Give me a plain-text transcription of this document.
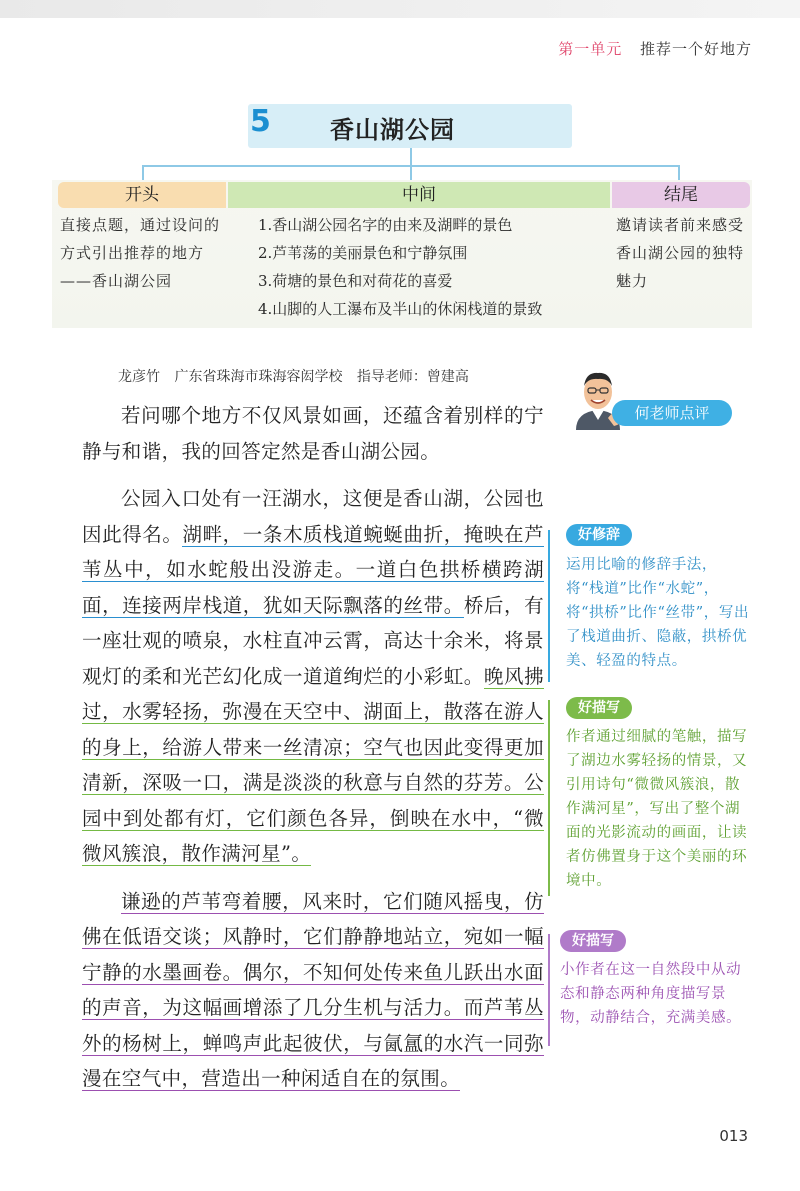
第一单元 推荐一个好地方
5 香山湖公园
开头	中间	结尾
直接点题，通过设问的方式引出推荐的地方——香山湖公园
1.香山湖公园名字的由来及湖畔的景色
2.芦苇荡的美丽景色和宁静氛围
3.荷塘的景色和对荷花的喜爱
4.山脚的人工瀑布及半山的休闲栈道的景致
邀请读者前来感受香山湖公园的独特魅力
龙彦竹 广东省珠海市珠海容闳学校 指导老师：曾建高
何老师点评

若问哪个地方不仅风景如画，还蕴含着别样的宁静与和谐，我的回答定然是香山湖公园。

公园入口处有一汪湖水，这便是香山湖，公园也因此得名。湖畔，一条木质栈道蜿蜒曲折，掩映在芦苇丛中，如水蛇般出没游走。一道白色拱桥横跨湖面，连接两岸栈道，犹如天际飘落的丝带。桥后，有一座壮观的喷泉，水柱直冲云霄，高达十余米，将景观灯的柔和光芒幻化成一道道绚烂的小彩虹。晚风拂过，水雾轻扬，弥漫在天空中、湖面上，散落在游人的身上，给游人带来一丝清凉；空气也因此变得更加清新，深吸一口，满是淡淡的秋意与自然的芬芳。公园中到处都有灯，它们颜色各异，倒映在水中，“微微风簇浪，散作满河星”。

谦逊的芦苇弯着腰，风来时，它们随风摇曳，仿佛在低语交谈；风静时，它们静静地站立，宛如一幅宁静的水墨画卷。偶尔，不知何处传来鱼儿跃出水面的声音，为这幅画增添了几分生机与活力。而芦苇丛外的杨树上，蝉鸣声此起彼伏，与氤氲的水汽一同弥漫在空气中，营造出一种闲适自在的氛围。

好修辞
运用比喻的修辞手法，将“栈道”比作“水蛇”，将“拱桥”比作“丝带”，写出了栈道曲折、隐蔽，拱桥优美、轻盈的特点。
好描写
作者通过细腻的笔触，描写了湖边水雾轻扬的情景，又引用诗句“微微风簇浪，散作满河星”，写出了整个湖面的光影流动的画面，让读者仿佛置身于这个美丽的环境中。
好描写
小作者在这一自然段中从动态和静态两种角度描写景物，动静结合，充满美感。
013
